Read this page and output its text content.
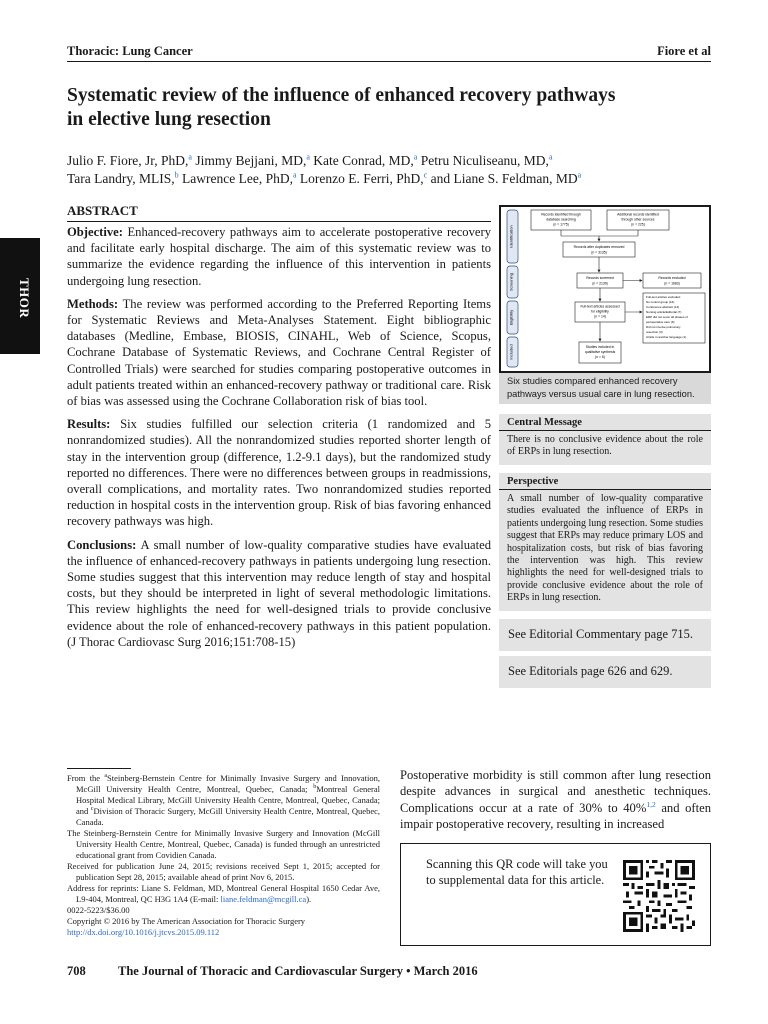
Thoracic: Lung Cancer	Fiore et al
THOR
Systematic review of the influence of enhanced recovery pathways
in elective lung resection
Julio F. Fiore, Jr, PhD,$^a$ Jimmy Bejjani, MD,$^a$ Kate Conrad, MD,$^a$ Petru Niculiseanu, MD,$^a$
Tara Landry, MLIS,$^b$ Lawrence Lee, PhD,$^a$ Lorenzo E. Ferri, PhD,$^c$ and Liane S. Feldman, $MD^a$
ABSTRACT

Objective: Enhanced-recovery pathways aim to accelerate postoperative recovery and facilitate early hospital discharge. The aim of this systematic review was to summarize the evidence regarding the influence of this intervention in patients undergoing lung resection.

Methods: The review was performed according to the Preferred Reporting Items for Systematic Reviews and Meta-Analyses Statement. Eight bibliographic databases (Medline, Embase, BIOSIS, CINAHL, Web of Science, Scopus, Cochrane Database of Systematic Reviews, and Cochrane Central Register of Controlled Trials) were searched for studies comparing postoperative outcomes in adult patients treated within an enhanced-recovery pathway or traditional care. Risk of bias was assessed using the Cochrane Collaboration risk of bias tool.

Results: Six studies fulfilled our selection criteria (1 randomized and 5 nonrandomized studies). All the nonrandomized studies reported shorter length of stay in the intervention group (difference, 1.2-9.1 days), but the randomized study reported no differences. There were no differences between groups in readmissions, overall complications, and mortality rates. Two nonrandomized studies reported reduction in hospital costs in the intervention group. Risk of bias favoring enhanced recovery pathways was high.

Conclusions: A small number of low-quality comparative studies have evaluated the influence of enhanced-recovery pathways in patients undergoing lung resection. Some studies suggest that this intervention may reduce length of stay and hospital costs, but they should be interpreted in light of several methodologic limitations. This review highlights the need for well-designed trials to provide conclusive evidence about the role of enhanced-recovery pathways in this patient population. (J Thorac Cardiovasc Surg 2016;151:708-15)

Identification
Screening
Eligibility
Included
Records identified through
database searching
(n = 1775)
Additional records identified
through other sources
(n = 225)
Records after duplicates removed
(n = 3135)
Records screened
(n = 2139)
Records excluded
(n = 1683)
Full-text articles assessed
for eligibility
(n = 14)
Full-text articles excluded:
No control group (16)
Conference abstract (14)
Nursing article/Editorial (7)
ERP did not cover all phases of
perioperative care (6)
Did not involve pulmonary
resection (3)
Article in another language (1)
Studies included in
qualitative synthesis
(n = 6)
Six studies compared enhanced recovery pathways versus usual care in lung resection.
Central Message
There is no conclusive evidence about the role of ERPs in lung resection.
Perspective
A small number of low-quality comparative studies evaluated the influence of ERPs in patients undergoing lung resection. Some studies suggest that ERPs may reduce primary LOS and hospitalization costs, but risk of bias favoring the intervention was high. This review highlights the need for well-designed trials to provide conclusive evidence about the role of ERPs in lung resection.
See Editorial Commentary page 715.
See Editorials page 626 and 629.

From the $^a$Steinberg-Bernstein Centre for Minimally Invasive Surgery and Innovation, McGill University Health Centre, Montreal, Quebec, Canada; $^b$Montreal General Hospital Medical Library, McGill University Health Centre, Montreal, Quebec, Canada; and $^c$Division of Thoracic Surgery, McGill University Health Centre, Montreal, Quebec, Canada.

The Steinberg-Bernstein Centre for Minimally Invasive Surgery and Innovation (McGill University Health Centre, Montreal, Quebec, Canada) is funded through an unrestricted educational grant from Covidien Canada.

Received for publication June 24, 2015; revisions received Sept 1, 2015; accepted for publication Sept 28, 2015; available ahead of print Nov 6, 2015.

Address for reprints: Liane S. Feldman, MD, Montreal General Hospital 1650 Cedar Ave, L9-404, Montreal, QC H3G 1A4 (E-mail: liane.feldman@mcgill.ca).

0022-5223/$36.00

Copyright © 2016 by The American Association for Thoracic Surgery

http://dx.doi.org/10.1016/j.jtcvs.2015.09.112

Postoperative morbidity is still common after lung resection despite advances in surgical and anesthetic techniques. Complications occur at a rate of 30% to 40%$^{1,2}$ and often impair postoperative recovery, resulting in increased
Scanning this QR code will take you to supplemental data for this article.
708	The Journal of Thoracic and Cardiovascular Surgery • March 2016
